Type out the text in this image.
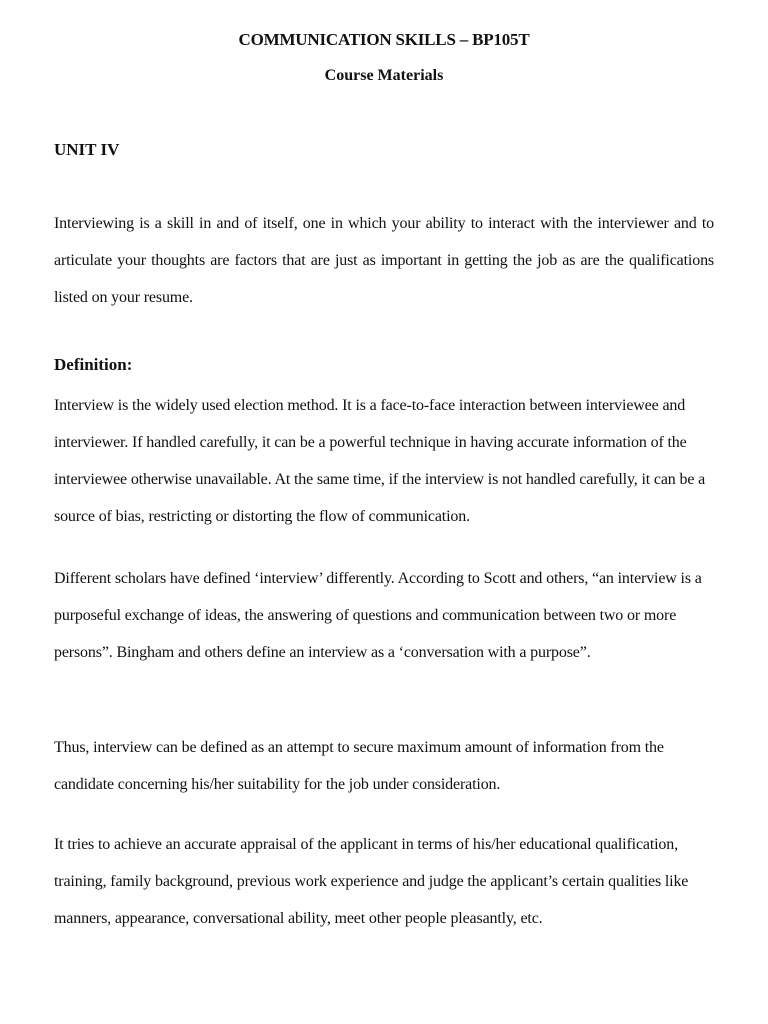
COMMUNICATION SKILLS – BP105T
Course Materials
UNIT IV

Interviewing is a skill in and of itself, one in which your ability to interact with the interviewer and to articulate your thoughts are factors that are just as important in getting the job as are the qualifications listed on your resume.

Definition:

Interview is the widely used election method. It is a face-to-face interaction between interviewee and interviewer. If handled carefully, it can be a powerful technique in having accurate information of the interviewee otherwise unavailable. At the same time, if the interview is not handled carefully, it can be a source of bias, restricting or distorting the flow of communication.

Different scholars have defined ‘interview’ differently. According to Scott and others, “an interview is a purposeful exchange of ideas, the answering of questions and communication between two or more persons”. Bingham and others define an interview as a ‘conversation with a purpose”.

Thus, interview can be defined as an attempt to secure maximum amount of information from the candidate concerning his/her suitability for the job under consideration.

It tries to achieve an accurate appraisal of the applicant in terms of his/her educational qualification, training, family background, previous work experience and judge the applicant’s certain qualities like manners, appearance, conversational ability, meet other people pleasantly, etc.
